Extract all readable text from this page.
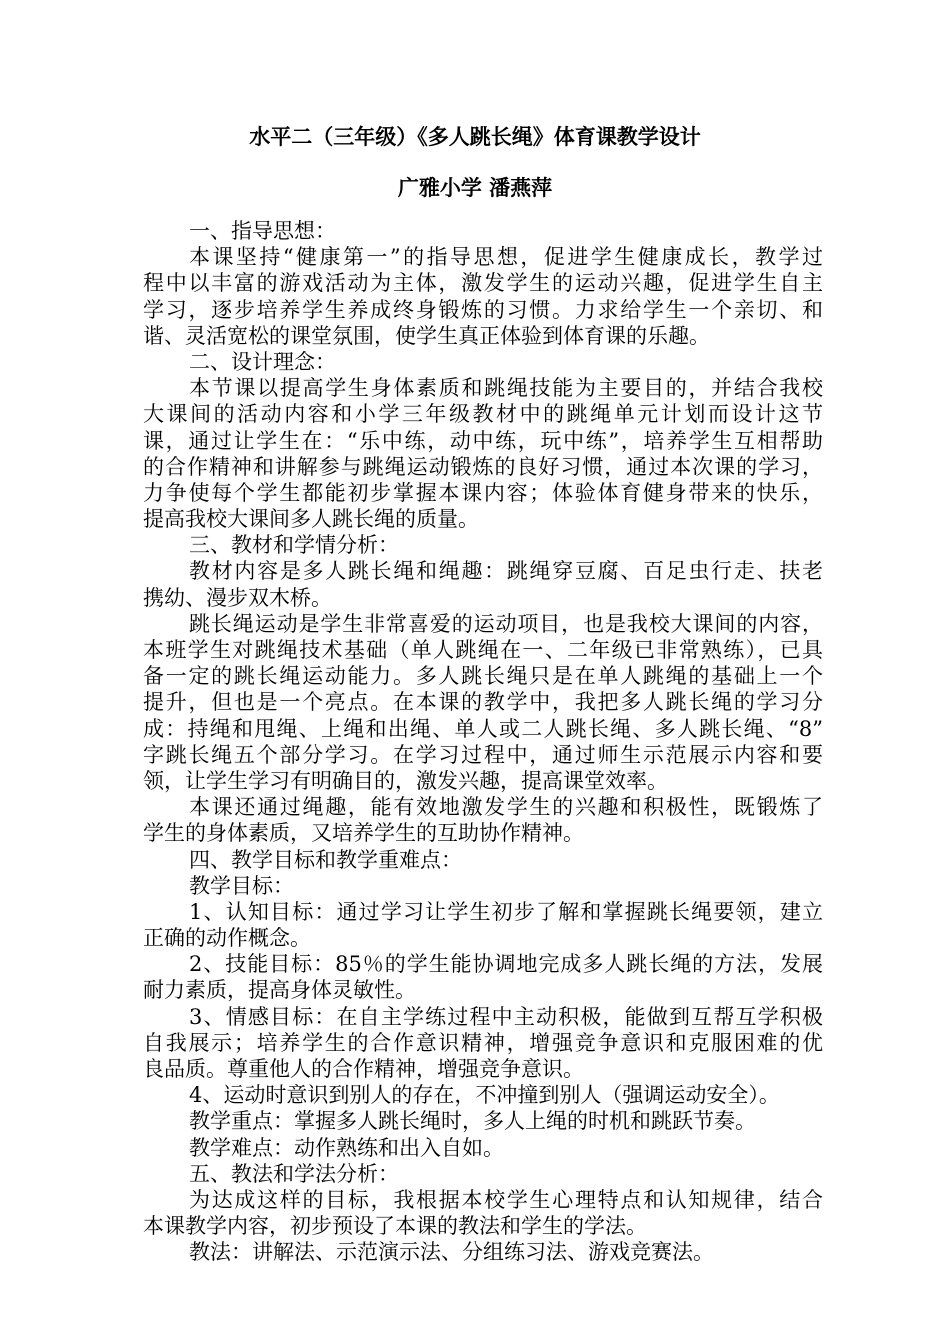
水平二（三年级）《多人跳长绳》体育课教学设计
广雅小学 潘燕萍
一、指导思想：
本课坚持“健康第一”的指导思想，促进学生健康成长，教学过
程中以丰富的游戏活动为主体，激发学生的运动兴趣，促进学生自主
学习，逐步培养学生养成终身锻炼的习惯。力求给学生一个亲切、和
谐、灵活宽松的课堂氛围，使学生真正体验到体育课的乐趣。
二、设计理念：
本节课以提高学生身体素质和跳绳技能为主要目的，并结合我校
大课间的活动内容和小学三年级教材中的跳绳单元计划而设计这节
课，通过让学生在：“乐中练，动中练，玩中练”，培养学生互相帮助
的合作精神和讲解参与跳绳运动锻炼的良好习惯，通过本次课的学习，
力争使每个学生都能初步掌握本课内容；体验体育健身带来的快乐，
提高我校大课间多人跳长绳的质量。
三、教材和学情分析：
教材内容是多人跳长绳和绳趣：跳绳穿豆腐、百足虫行走、扶老
携幼、漫步双木桥。
跳长绳运动是学生非常喜爱的运动项目，也是我校大课间的内容，
本班学生对跳绳技术基础（单人跳绳在一、二年级已非常熟练），已具
备一定的跳长绳运动能力。多人跳长绳只是在单人跳绳的基础上一个
提升，但也是一个亮点。在本课的教学中，我把多人跳长绳的学习分
成：持绳和甩绳、上绳和出绳、单人或二人跳长绳、多人跳长绳、“8”
字跳长绳五个部分学习。在学习过程中，通过师生示范展示内容和要
领，让学生学习有明确目的，激发兴趣，提高课堂效率。
本课还通过绳趣，能有效地激发学生的兴趣和积极性，既锻炼了
学生的身体素质，又培养学生的互助协作精神。
四、教学目标和教学重难点：
教学目标：
1、认知目标：通过学习让学生初步了解和掌握跳长绳要领，建立
正确的动作概念。
2、技能目标：85％的学生能协调地完成多人跳长绳的方法，发展
耐力素质，提高身体灵敏性。
3、情感目标：在自主学练过程中主动积极，能做到互帮互学积极
自我展示；培养学生的合作意识精神，增强竞争意识和克服困难的优
良品质。尊重他人的合作精神，增强竞争意识。
4、运动时意识到别人的存在，不冲撞到别人（强调运动安全）。
教学重点：掌握多人跳长绳时，多人上绳的时机和跳跃节奏。
教学难点：动作熟练和出入自如。
五、教法和学法分析：
为达成这样的目标，我根据本校学生心理特点和认知规律，结合
本课教学内容，初步预设了本课的教法和学生的学法。
教法：讲解法、示范演示法、分组练习法、游戏竞赛法。
